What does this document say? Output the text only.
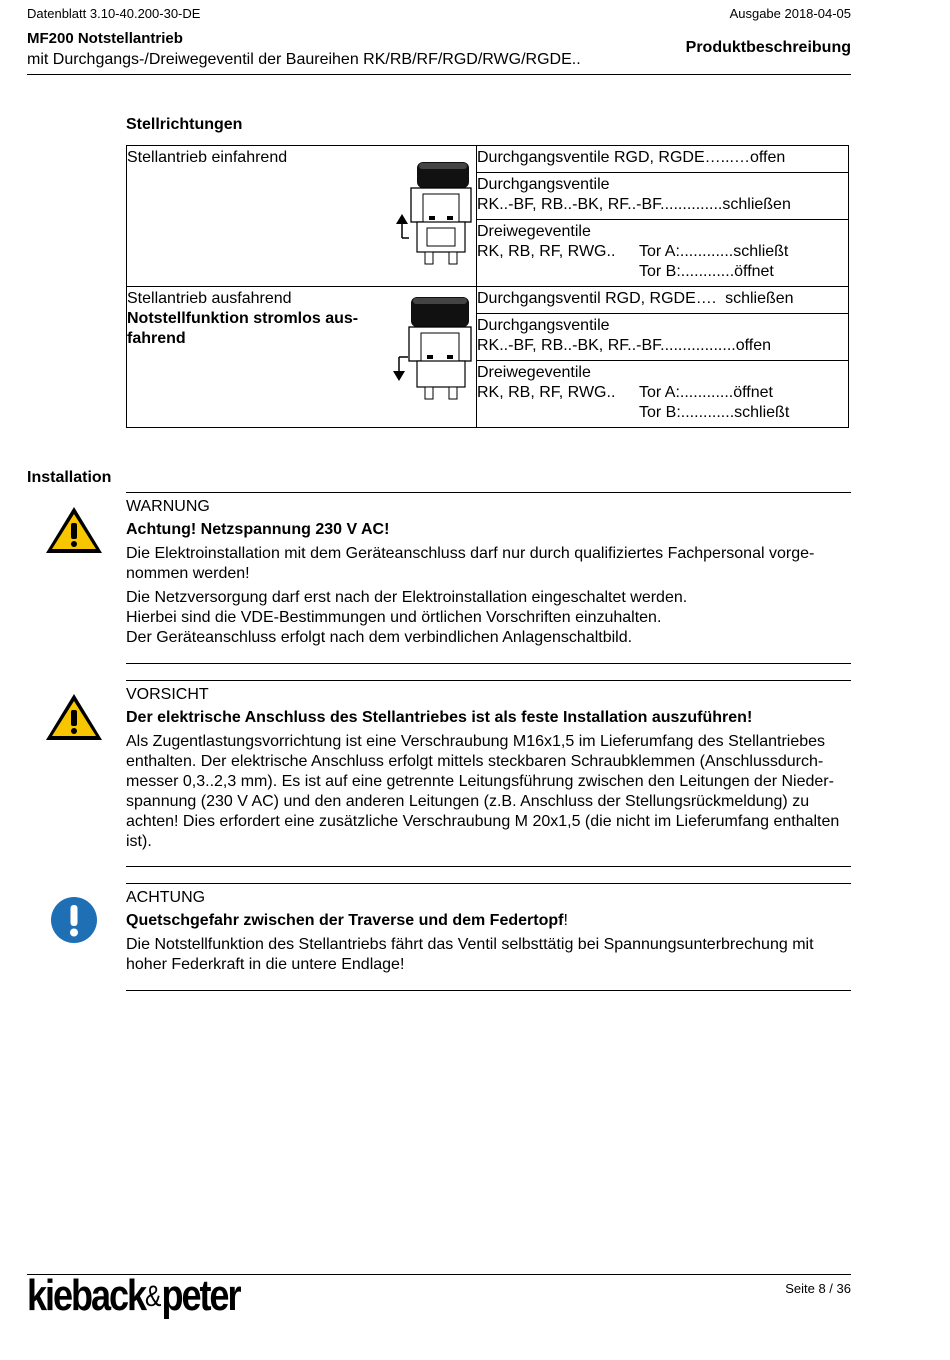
Datenblatt 3.10-40.200-30-DE	Ausgabe 2018-04-05
MF200 Notstellantrieb
mit Durchgangs-/Dreiwegeventil der Baureihen RK/RB/RF/RGD/RWG/RGDE..
Produktbeschreibung
Stellrichtungen
Stellantrieb einfahrend	Durchgangsventile RGD, RGDE…...…offen

	Durchgangsventile
RK..-BF, RB..-BK, RF..-BF..............schließen

	Dreiwegeventile
RK, RB, RF, RWG.. Tor A:............schließt
Tor B:............öffnet

Stellantrieb ausfahrend
Notstellfunktion stromlos aus-fahrend	Durchgangsventil RGD, RGDE….  schließen

	Durchgangsventile
RK..-BF, RB..-BK, RF..-BF.................offen

	Dreiwegeventile
RK, RB, RF, RWG.. Tor A:............öffnet
Tor B:............schließt
Installation
WARNUNG
Achtung! Netzspannung 230 V AC!
Die Elektroinstallation mit dem Geräteanschluss darf nur durch qualifiziertes Fachpersonal vorge-nommen werden!
Die Netzversorgung darf erst nach der Elektroinstallation eingeschaltet werden.
Hierbei sind die VDE-Bestimmungen und örtlichen Vorschriften einzuhalten.
Der Geräteanschluss erfolgt nach dem verbindlichen Anlagenschaltbild.
VORSICHT
Der elektrische Anschluss des Stellantriebes ist als feste Installation auszuführen!
Als Zugentlastungsvorrichtung ist eine Verschraubung M16x1,5 im Lieferumfang des Stellantriebes enthalten. Der elektrische Anschluss erfolgt mittels steckbaren Schraubklemmen (Anschlussdurch-messer 0,3..2,3 mm). Es ist auf eine getrennte Leitungsführung zwischen den Leitungen der Nieder-spannung (230 V AC) und den anderen Leitungen (z.B. Anschluss der Stellungsrückmeldung) zu achten! Dies erfordert eine zusätzliche Verschraubung M 20x1,5 (die nicht im Lieferumfang enthalten ist).
ACHTUNG
Quetschgefahr zwischen der Traverse und dem Federtopf!
Die Notstellfunktion des Stellantriebs fährt das Ventil selbsttätig bei Spannungsunterbrechung mit hoher Federkraft in die untere Endlage!
kieback&peter	Seite 8 / 36
